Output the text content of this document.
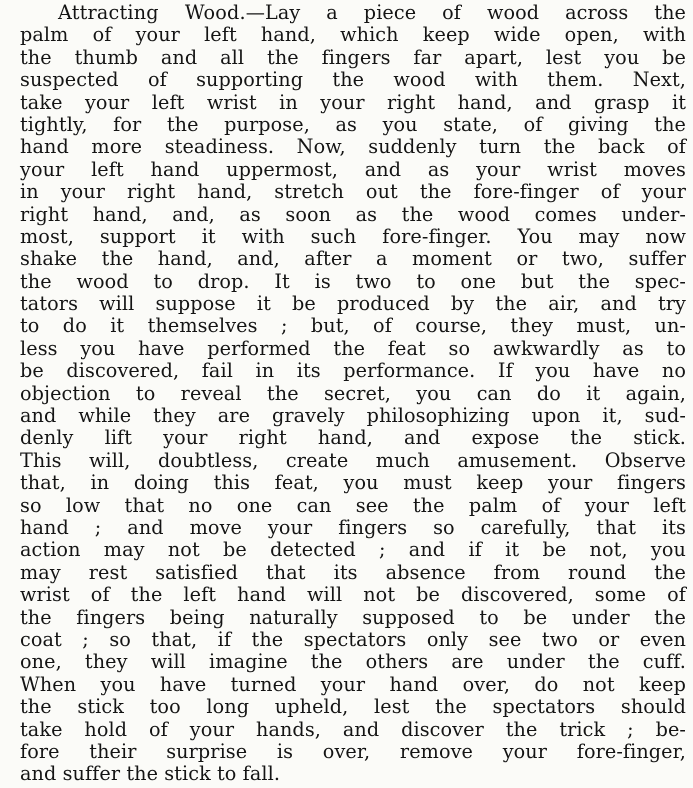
Attracting Wood.—Lay a piece of wood across the
palm of your left hand, which keep wide open, with
the thumb and all the fingers far apart, lest you be
suspected of supporting the wood with them. Next,
take your left wrist in your right hand, and grasp it
tightly, for the purpose, as you state, of giving the
hand more steadiness. Now, suddenly turn the back of
your left hand uppermost, and as your wrist moves
in your right hand, stretch out the fore-finger of your
right hand, and, as soon as the wood comes under-
most, support it with such fore-finger. You may now
shake the hand, and, after a moment or two, suffer
the wood to drop. It is two to one but the spec-
tators will suppose it be produced by the air, and try
to do it themselves ; but, of course, they must, un-
less you have performed the feat so awkwardly as to
be discovered, fail in its performance. If you have no
objection to reveal the secret, you can do it again,
and while they are gravely philosophizing upon it, sud-
denly lift your right hand, and expose the stick.
This will, doubtless, create much amusement. Observe
that, in doing this feat, you must keep your fingers
so low that no one can see the palm of your left
hand ; and move your fingers so carefully, that its
action may not be detected ; and if it be not, you
may rest satisfied that its absence from round the
wrist of the left hand will not be discovered, some of
the fingers being naturally supposed to be under the
coat ; so that, if the spectators only see two or even
one, they will imagine the others are under the cuff.
When you have turned your hand over, do not keep
the stick too long upheld, lest the spectators should
take hold of your hands, and discover the trick ; be-
fore their surprise is over, remove your fore-finger,
and suffer the stick to fall.
